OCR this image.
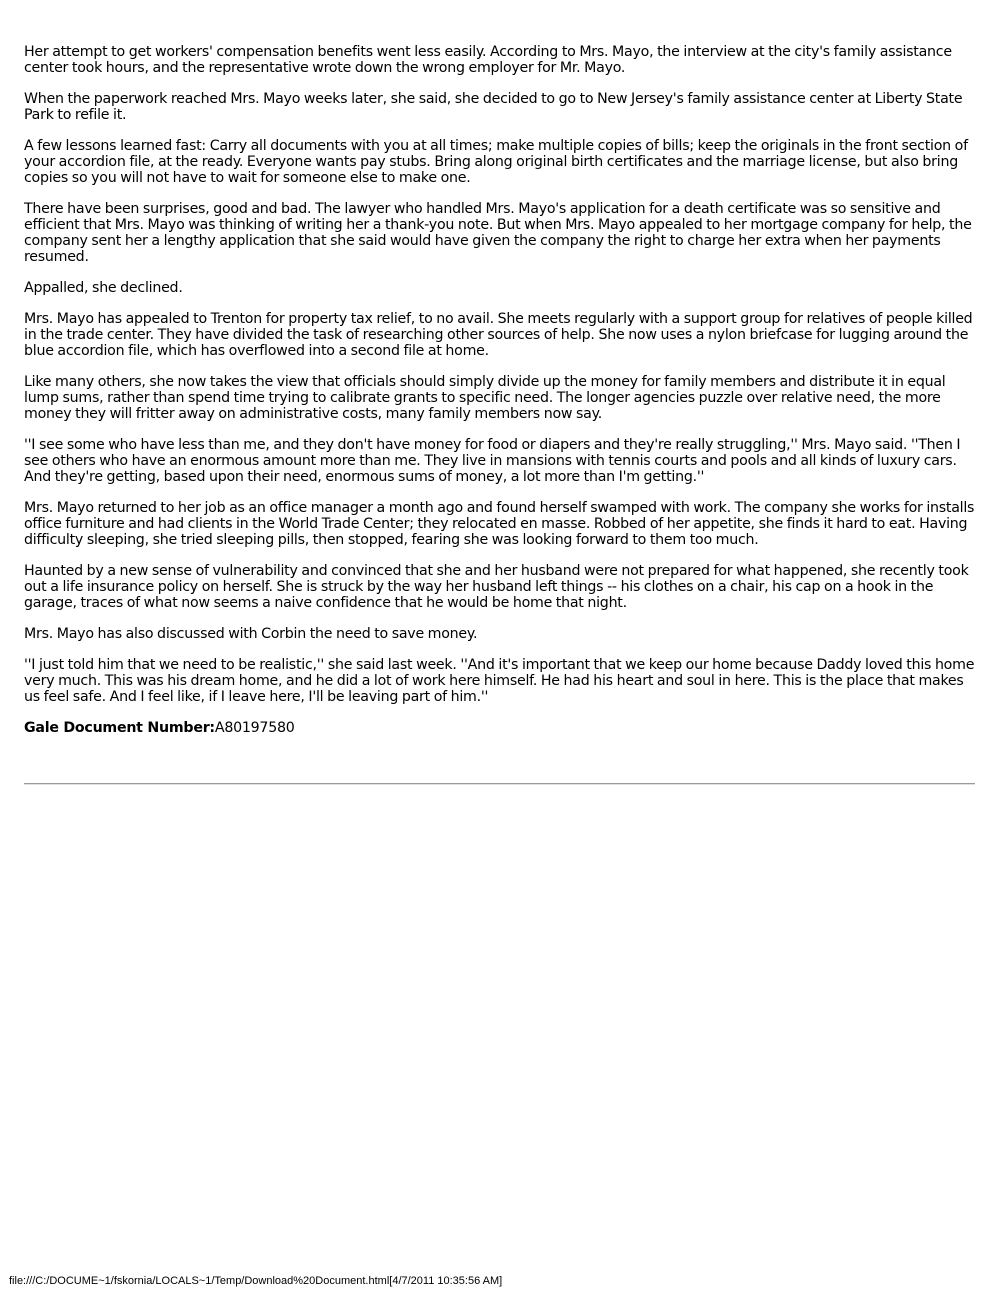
Her attempt to get workers' compensation benefits went less easily. According to Mrs. Mayo, the interview at the city's family assistance center took hours, and the representative wrote down the wrong employer for Mr. Mayo.

When the paperwork reached Mrs. Mayo weeks later, she said, she decided to go to New Jersey's family assistance center at Liberty State Park to refile it.

A few lessons learned fast: Carry all documents with you at all times; make multiple copies of bills; keep the originals in the front section of your accordion file, at the ready. Everyone wants pay stubs. Bring along original birth certificates and the marriage license, but also bring copies so you will not have to wait for someone else to make one.

There have been surprises, good and bad. The lawyer who handled Mrs. Mayo's application for a death certificate was so sensitive and efficient that Mrs. Mayo was thinking of writing her a thank-you note. But when Mrs. Mayo appealed to her mortgage company for help, the company sent her a lengthy application that she said would have given the company the right to charge her extra when her payments resumed.

Appalled, she declined.

Mrs. Mayo has appealed to Trenton for property tax relief, to no avail. She meets regularly with a support group for relatives of people killed in the trade center. They have divided the task of researching other sources of help. She now uses a nylon briefcase for lugging around the blue accordion file, which has overflowed into a second file at home.

Like many others, she now takes the view that officials should simply divide up the money for family members and distribute it in equal lump sums, rather than spend time trying to calibrate grants to specific need. The longer agencies puzzle over relative need, the more money they will fritter away on administrative costs, many family members now say.

''I see some who have less than me, and they don't have money for food or diapers and they're really struggling,'' Mrs. Mayo said. ''Then I see others who have an enormous amount more than me. They live in mansions with tennis courts and pools and all kinds of luxury cars. And they're getting, based upon their need, enormous sums of money, a lot more than I'm getting.''

Mrs. Mayo returned to her job as an office manager a month ago and found herself swamped with work. The company she works for installs office furniture and had clients in the World Trade Center; they relocated en masse. Robbed of her appetite, she finds it hard to eat. Having difficulty sleeping, she tried sleeping pills, then stopped, fearing she was looking forward to them too much.

Haunted by a new sense of vulnerability and convinced that she and her husband were not prepared for what happened, she recently took out a life insurance policy on herself. She is struck by the way her husband left things -- his clothes on a chair, his cap on a hook in the garage, traces of what now seems a naive confidence that he would be home that night.

Mrs. Mayo has also discussed with Corbin the need to save money.

''I just told him that we need to be realistic,'' she said last week. ''And it's important that we keep our home because Daddy loved this home very much. This was his dream home, and he did a lot of work here himself. He had his heart and soul in here. This is the place that makes us feel safe. And I feel like, if I leave here, I'll be leaving part of him.''

Gale Document Number:A80197580

file:///C:/DOCUME~1/fskornia/LOCALS~1/Temp/Download%20Document.html[4/7/2011 10:35:56 AM]
